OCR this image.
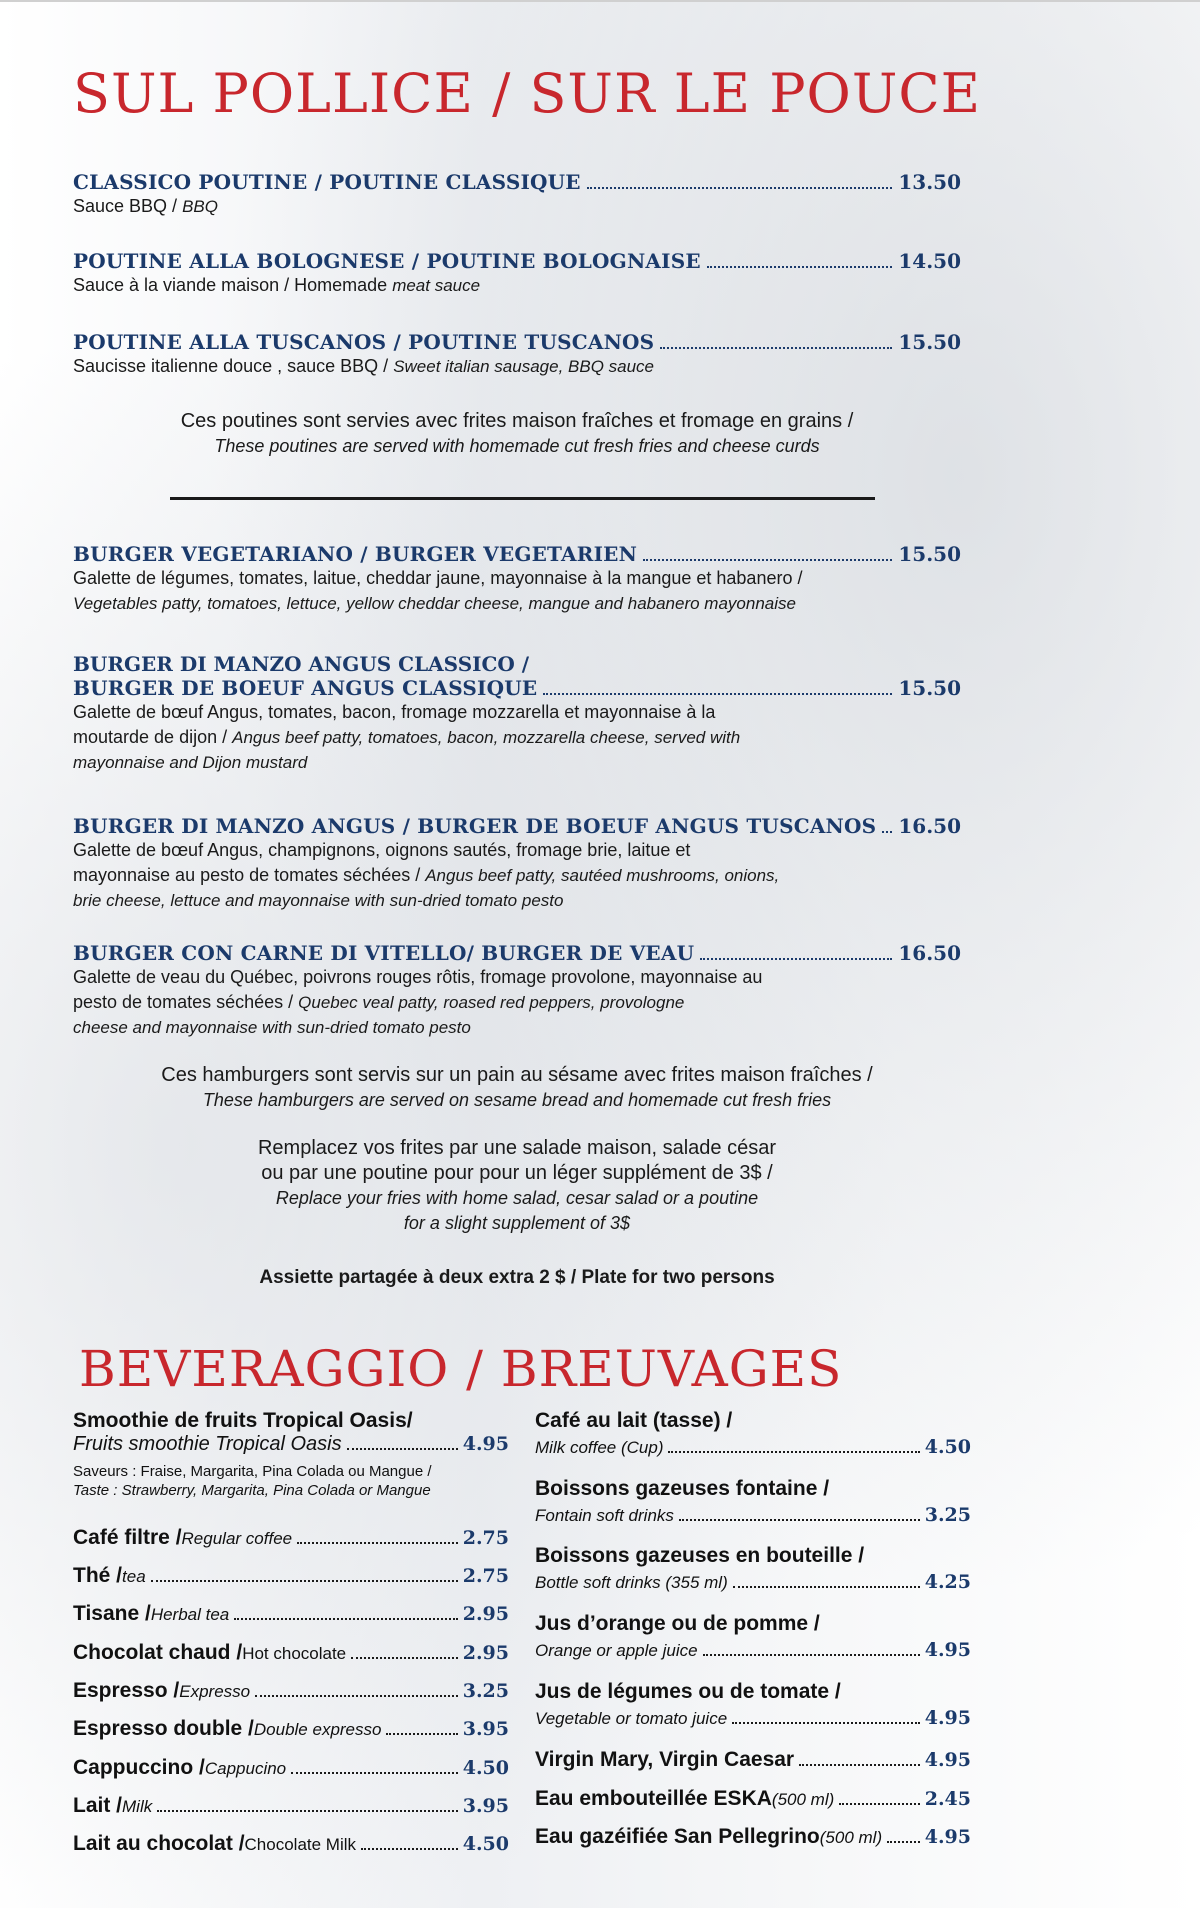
SUL POLLICE / SUR LE POUCE
CLASSICO POUTINE / POUTINE CLASSIQUE	13.50
Sauce BBQ / BBQ
POUTINE ALLA BOLOGNESE / POUTINE BOLOGNAISE	14.50
Sauce à la viande maison / Homemade meat sauce
POUTINE ALLA TUSCANOS / POUTINE TUSCANOS	15.50
Saucisse italienne douce , sauce BBQ / Sweet italian sausage, BBQ sauce
Ces poutines sont servies avec frites maison fraîches et fromage en grains /
These poutines are served with homemade cut fresh fries and cheese curds
BURGER VEGETARIANO / BURGER VEGETARIEN	15.50
Galette de légumes, tomates, laitue, cheddar jaune, mayonnaise à la mangue et habanero /
Vegetables patty, tomatoes, lettuce, yellow cheddar cheese, mangue and habanero mayonnaise
BURGER DI MANZO ANGUS CLASSICO /
BURGER DE BOEUF ANGUS CLASSIQUE	15.50
Galette de bœuf Angus, tomates, bacon, fromage mozzarella et mayonnaise à la
moutarde de dijon / Angus beef patty, tomatoes, bacon, mozzarella cheese, served with
mayonnaise and Dijon mustard
BURGER DI MANZO ANGUS / BURGER DE BOEUF ANGUS TUSCANOS 16.50
Galette de bœuf Angus, champignons, oignons sautés, fromage brie, laitue et
mayonnaise au pesto de tomates séchées / Angus beef patty, sautéed mushrooms, onions,
brie cheese, lettuce and mayonnaise with sun-dried tomato pesto
BURGER CON CARNE DI VITELLO/ BURGER DE VEAU	16.50
Galette de veau du Québec, poivrons rouges rôtis, fromage provolone, mayonnaise au
pesto de tomates séchées / Quebec veal patty, roased red peppers, provologne
cheese and mayonnaise with sun-dried tomato pesto
Ces hamburgers sont servis sur un pain au sésame avec frites maison fraîches /
These hamburgers are served on sesame bread and homemade cut fresh fries
Remplacez vos frites par une salade maison, salade césar
ou par une poutine pour pour un léger supplément de 3$ /
Replace your fries with home salad, cesar salad or a poutine
for a slight supplement of 3$
Assiette partagée à deux extra 2 $ / Plate for two persons
BEVERAGGIO / BREUVAGES
Smoothie de fruits Tropical Oasis/
Fruits smoothie Tropical Oasis	4.95
Saveurs : Fraise, Margarita, Pina Colada ou Mangue /
Taste : Strawberry, Margarita, Pina Colada or Mangue
Café filtre / Regular coffee	2.75
Thé / tea	2.75
Tisane / Herbal tea	2.95
Chocolat chaud / Hot chocolate	2.95
Espresso / Expresso	3.25
Espresso double / Double expresso	3.95
Cappuccino / Cappucino	4.50
Lait / Milk	3.95
Lait au chocolat / Chocolate Milk	4.50
Café au lait (tasse) /
Milk coffee (Cup)	4.50
Boissons gazeuses fontaine /
Fontain soft drinks	3.25
Boissons gazeuses en bouteille /
Bottle soft drinks (355 ml)	4.25
Jus d’orange ou de pomme /
Orange or apple juice	4.95
Jus de légumes ou de tomate /
Vegetable or tomato juice	4.95
Virgin Mary, Virgin Caesar	4.95
Eau embouteillée ESKA (500 ml)	2.45
Eau gazéifiée San Pellegrino (500 ml) 4.95
